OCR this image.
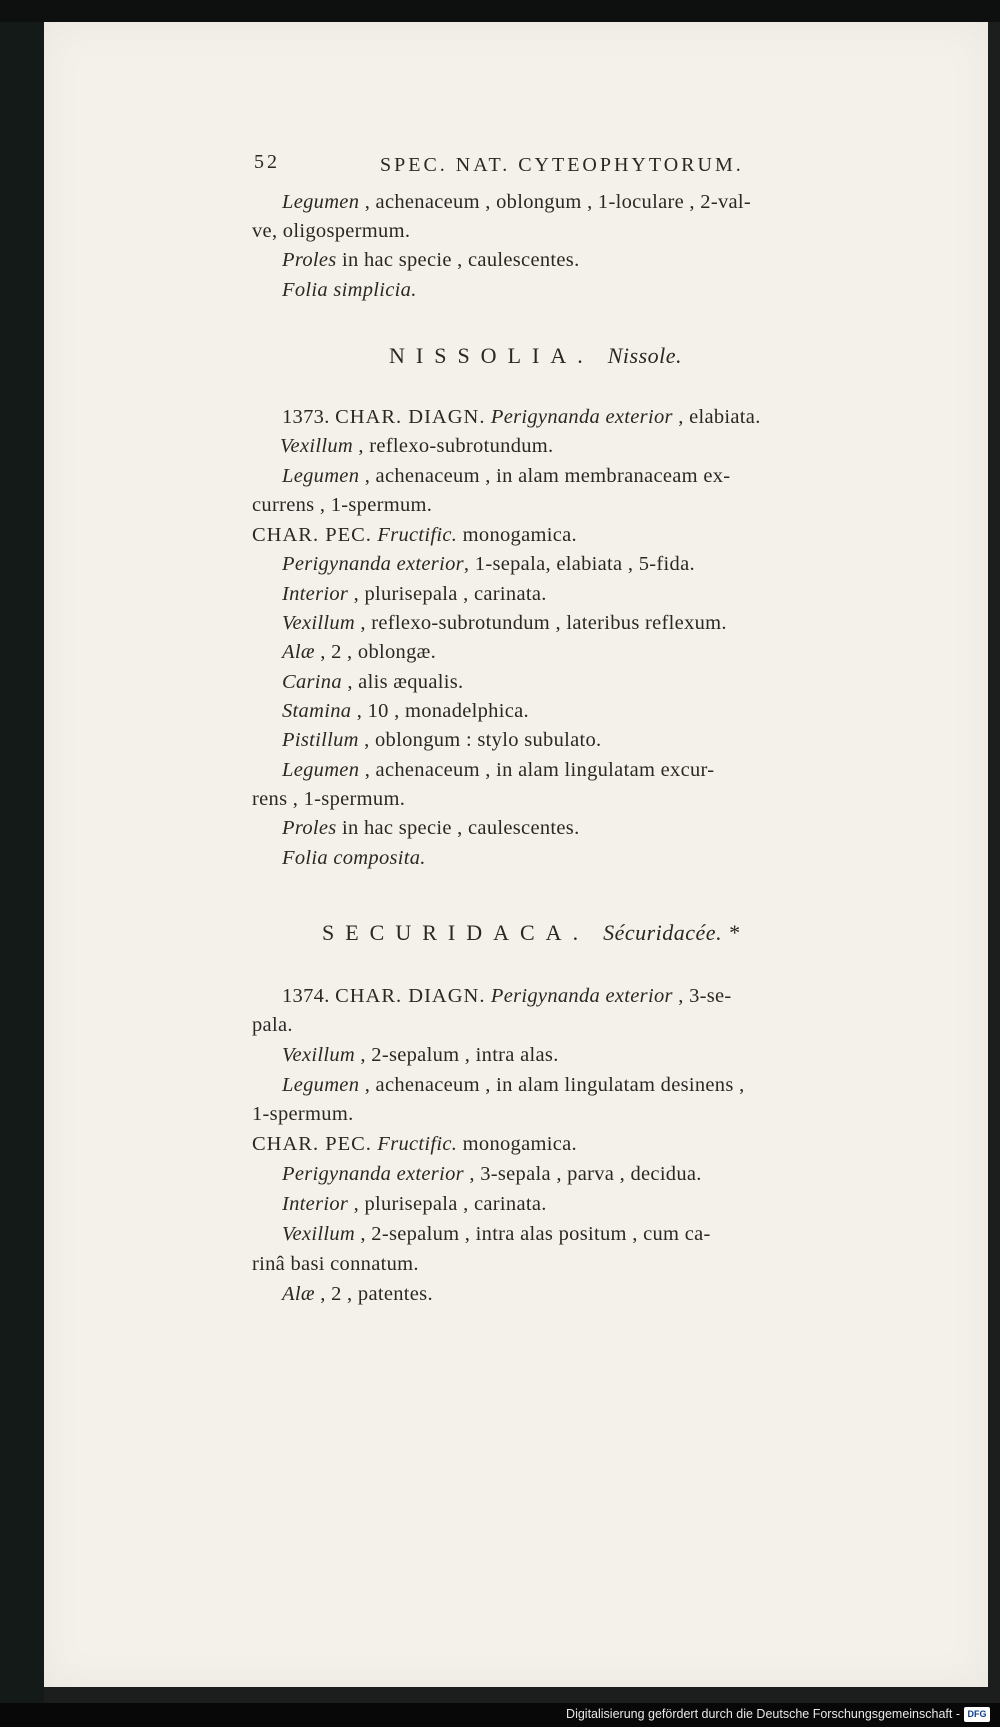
52	SPEC. NAT. CYTEOPHYTORUM.
Legumen , achenaceum , oblongum , 1-loculare , 2-val-
ve, oligospermum.
Proles in hac specie , caulescentes.
Folia simplicia.
NISSOLIA. Nissole.
1373. CHAR. DIAGN. Perigynanda exterior , elabiata.
Vexillum , reflexo-subrotundum.
Legumen , achenaceum , in alam membranaceam ex-
currens , 1-spermum.
CHAR. PEC. Fructific. monogamica.
Perigynanda exterior, 1-sepala, elabiata , 5-fida.
Interior , plurisepala , carinata.
Vexillum , reflexo-subrotundum , lateribus reflexum.
Alæ , 2 , oblongæ.
Carina , alis æqualis.
Stamina , 10 , monadelphica.
Pistillum , oblongum : stylo subulato.
Legumen , achenaceum , in alam lingulatam excur-
rens , 1-spermum.
Proles in hac specie , caulescentes.
Folia composita.
SECURIDACA. Sécuridacée. *
1374. CHAR. DIAGN. Perigynanda exterior , 3-se-
pala.
Vexillum , 2-sepalum , intra alas.
Legumen , achenaceum , in alam lingulatam desinens ,
1-spermum.
CHAR. PEC. Fructific. monogamica.
Perigynanda exterior , 3-sepala , parva , decidua.
Interior , plurisepala , carinata.
Vexillum , 2-sepalum , intra alas positum , cum ca-
rinâ basi connatum.
Alæ , 2 , patentes.
Digitalisierung gefördert durch die Deutsche Forschungsgemeinschaft - DFG
